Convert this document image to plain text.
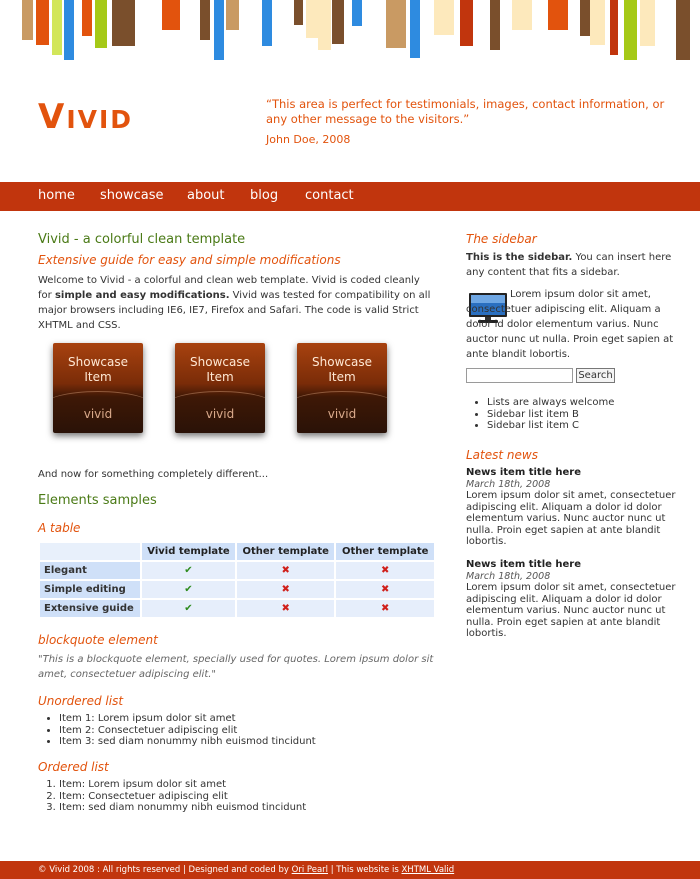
VIVID
“This area is perfect for testimonials, images, contact information, or any other message to the visitors.”
John Doe, 2008
home showcase about blog contact
Vivid - a colorful clean template
Extensive guide for easy and simple modifications

Welcome to Vivid - a colorful and clean web template. Vivid is coded cleanly for simple and easy modifications. Vivid was tested for compatibility on all major browsers including IE6, IE7, Firefox and Safari. The code is valid Strict XHTML and CSS.

Showcase Item
vivid
Showcase Item
vivid
Showcase Item
vivid

And now for something completely different...

Elements samples
A table
	Vivid template	Other template	Other template
Elegant	✔	✖	✖
Simple editing	✔	✖	✖
Extensive guide	✔	✖	✖
blockquote element

"This is a blockquote element, specially used for quotes. Lorem ipsum dolor sit amet, consectetuer adipiscing elit."

Unordered list
• Item 1: Lorem ipsum dolor sit amet
• Item 2: Consectetuer adipiscing elit
• Item 3: sed diam nonummy nibh euismod tincidunt
Ordered list
1. Item: Lorem ipsum dolor sit amet
2. Item: Consectetuer adipiscing elit
3. Item: sed diam nonummy nibh euismod tincidunt
The sidebar

This is the sidebar. You can insert here any content that fits a sidebar.

Lorem ipsum dolor sit amet, consectetuer adipiscing elit. Aliquam a dolor id dolor elementum varius. Nunc auctor nunc ut nulla. Proin eget sapien at ante blandit lobortis.

Search
• Lists are always welcome
• Sidebar list item B
• Sidebar list item C
Latest news
News item title here
March 18th, 2008
Lorem ipsum dolor sit amet, consectetuer adipiscing elit. Aliquam a dolor id dolor elementum varius. Nunc auctor nunc ut nulla. Proin eget sapien at ante blandit lobortis.
News item title here
March 18th, 2008
Lorem ipsum dolor sit amet, consectetuer adipiscing elit. Aliquam a dolor id dolor elementum varius. Nunc auctor nunc ut nulla. Proin eget sapien at ante blandit lobortis.
© Vivid 2008 : All rights reserved | Designed and coded by Ori Pearl | This website is XHTML Valid
